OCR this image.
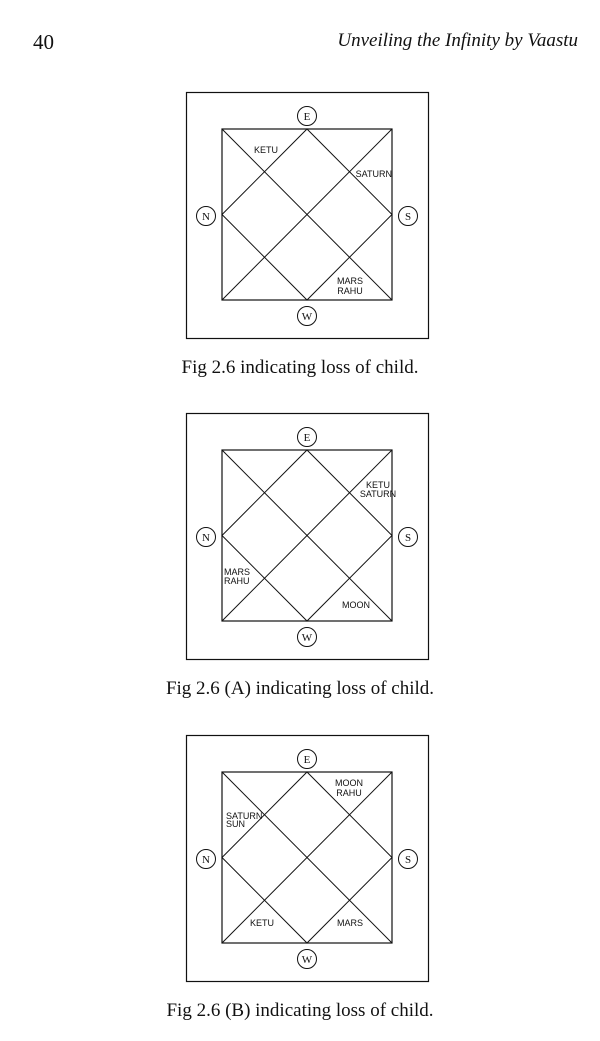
40	Unveiling the Infinity by Vaastu
E
N	S
W
KETU
SATURN
MARS
RAHU
Fig 2.6 indicating loss of child.
E
N	S
W
KETU
SATURN
MARS
RAHU
MOON
Fig 2.6 (A) indicating loss of child.
E
N	S
W
MOON
RAHU
SATURN
SUN
KETU	MARS
Fig 2.6 (B) indicating loss of child.
